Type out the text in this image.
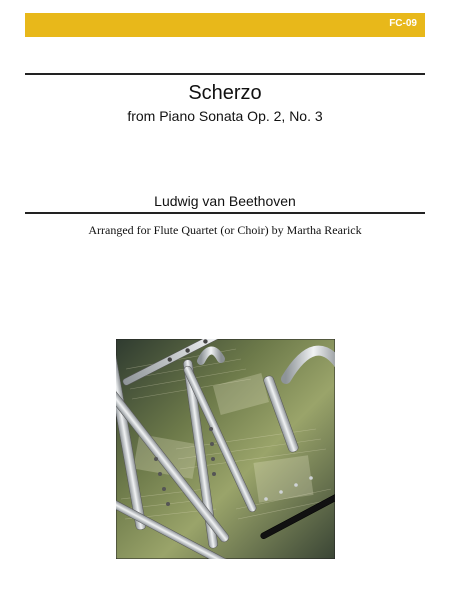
FC-09
Scherzo
from Piano Sonata Op. 2, No. 3
Ludwig van Beethoven
Arranged for Flute Quartet (or Choir) by Martha Rearick
